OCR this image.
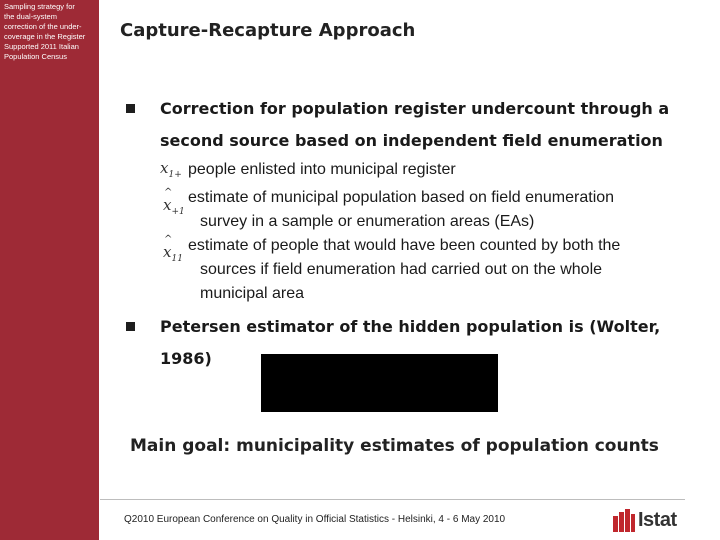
Sampling strategy for
the dual-system
correction of the under-
coverage in the Register
Supported 2011 Italian
Population Census
Capture-Recapture Approach
Correction for population register undercount through a
second source based on independent field enumeration
$x_{1+}$ people enlisted into municipal register
^ $x_{+1}$
estimate of municipal population based on field enumeration
survey in a sample or enumeration areas (EAs)
^ $x_{11}$
estimate of people that would have been counted by both the
sources if field enumeration had carried out on the whole
municipal area
Petersen estimator of the hidden population is (Wolter,
1986)
Main goal: municipality estimates of population counts
Q2010 European Conference on Quality in Official Statistics - Helsinki, 4 - 6 May 2010	Istat
